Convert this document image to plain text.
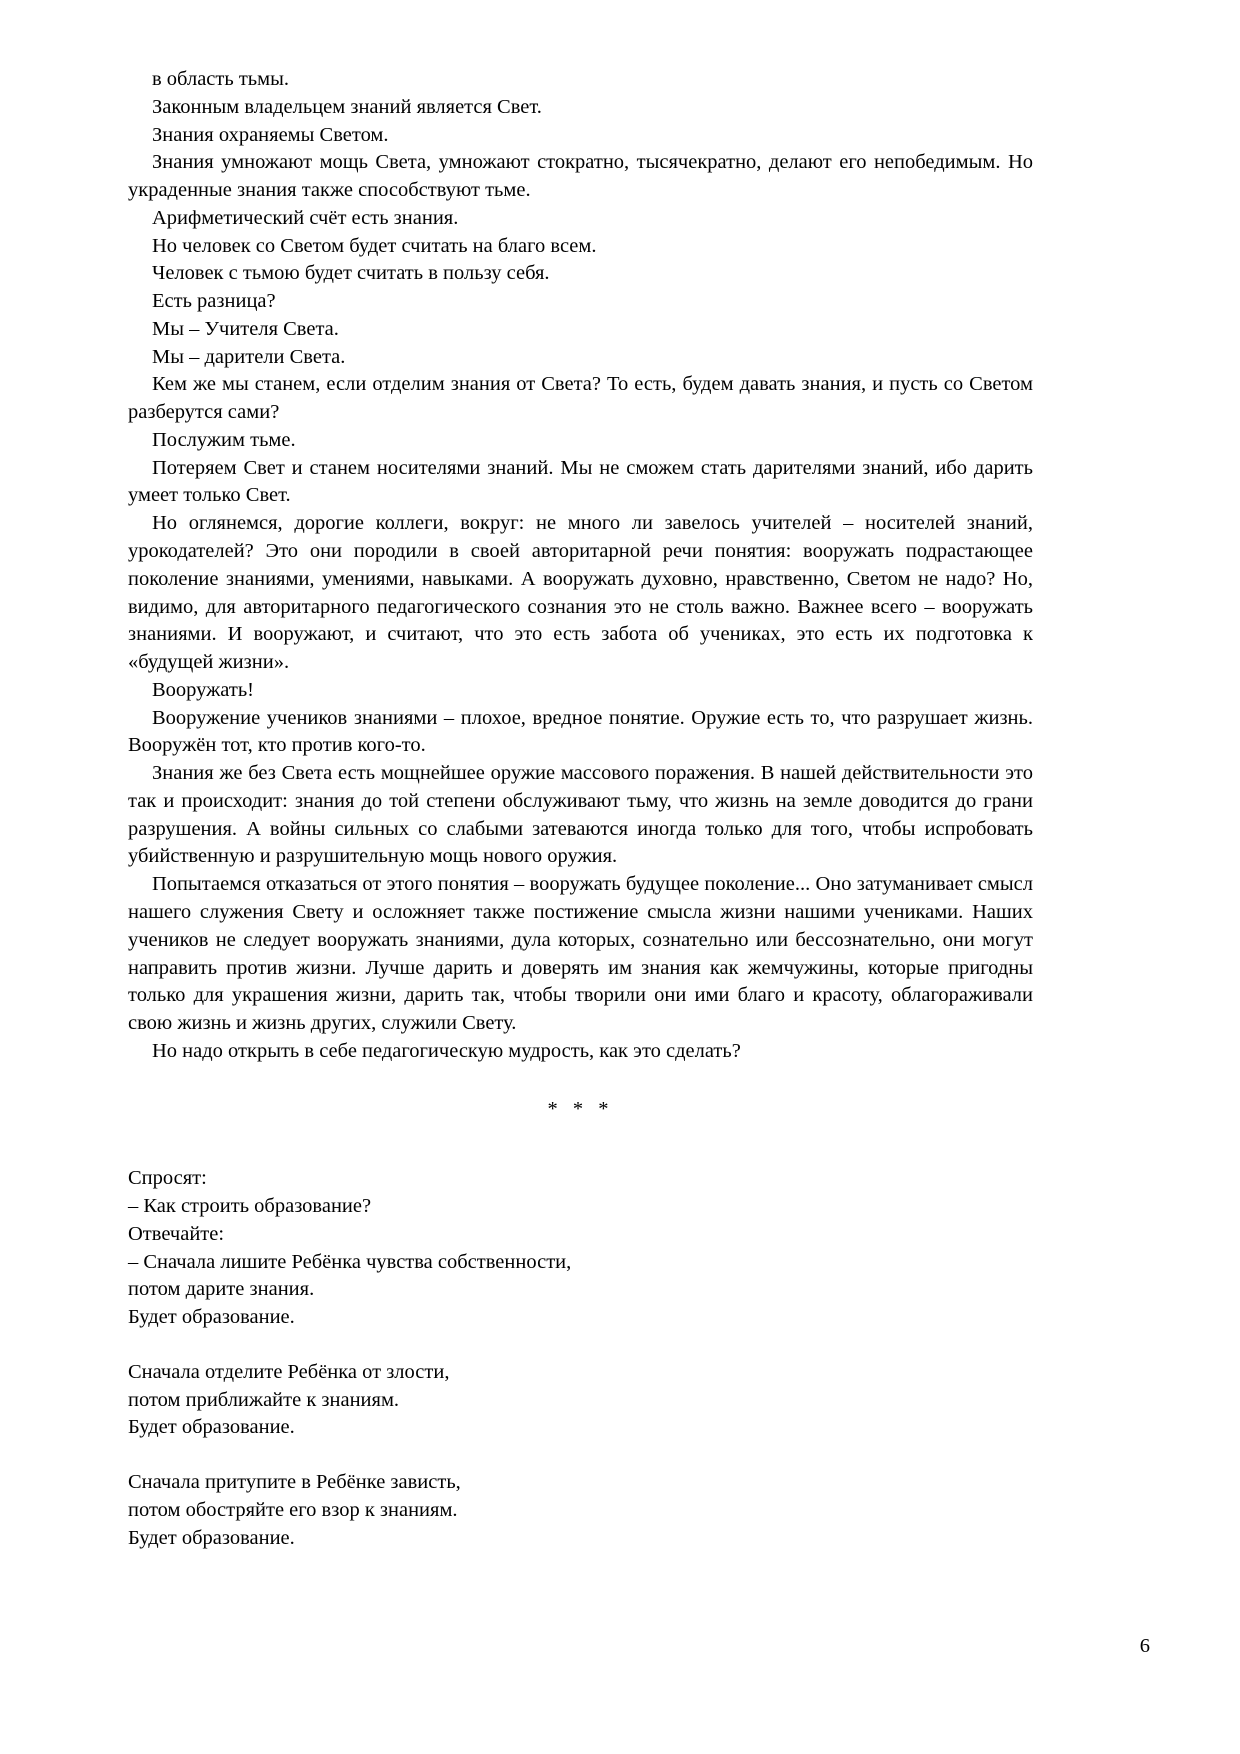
в область тьмы.

Законным владельцем знаний является Свет.

Знания охраняемы Светом.

Знания умножают мощь Света, умножают стократно, тысячекратно, делают его непобедимым. Но украденные знания также способствуют тьме.

Арифметический счёт есть знания.

Но человек со Светом будет считать на благо всем.

Человек с тьмою будет считать в пользу себя.

Есть разница?

Мы – Учителя Света.

Мы – дарители Света.

Кем же мы станем, если отделим знания от Света? То есть, будем давать знания, и пусть со Светом разберутся сами?

Послужим тьме.

Потеряем Свет и станем носителями знаний. Мы не сможем стать дарителями знаний, ибо дарить умеет только Свет.

Но оглянемся, дорогие коллеги, вокруг: не много ли завелось учителей – носителей знаний, урокодателей? Это они породили в своей авторитарной речи понятия: вооружать подрастающее поколение знаниями, умениями, навыками. А вооружать духовно, нравственно, Светом не надо? Но, видимо, для авторитарного педагогического сознания это не столь важно. Важнее всего – вооружать знаниями. И вооружают, и считают, что это есть забота об учениках, это есть их подготовка к «будущей жизни».

Вооружать!

Вооружение учеников знаниями – плохое, вредное понятие. Оружие есть то, что разрушает жизнь. Вооружён тот, кто против кого-то.

Знания же без Света есть мощнейшее оружие массового поражения. В нашей действительности это так и происходит: знания до той степени обслуживают тьму, что жизнь на земле доводится до грани разрушения. А войны сильных со слабыми затеваются иногда только для того, чтобы испробовать убийственную и разрушительную мощь нового оружия.

Попытаемся отказаться от этого понятия – вооружать будущее поколение... Оно затуманивает смысл нашего служения Свету и осложняет также постижение смысла жизни нашими учениками. Наших учеников не следует вооружать знаниями, дула которых, сознательно или бессознательно, они могут направить против жизни. Лучше дарить и доверять им знания как жемчужины, которые пригодны только для украшения жизни, дарить так, чтобы творили они ими благо и красоту, облагораживали свою жизнь и жизнь других, служили Свету.

Но надо открыть в себе педагогическую мудрость, как это сделать?

* * *

Спросят:

– Как строить образование?

Отвечайте:

– Сначала лишите Ребёнка чувства собственности,

потом дарите знания.

Будет образование.

Сначала отделите Ребёнка от злости,

потом приближайте к знаниям.

Будет образование.

Сначала притупите в Ребёнке зависть,

потом обостряйте его взор к знаниям.

Будет образование.

6
